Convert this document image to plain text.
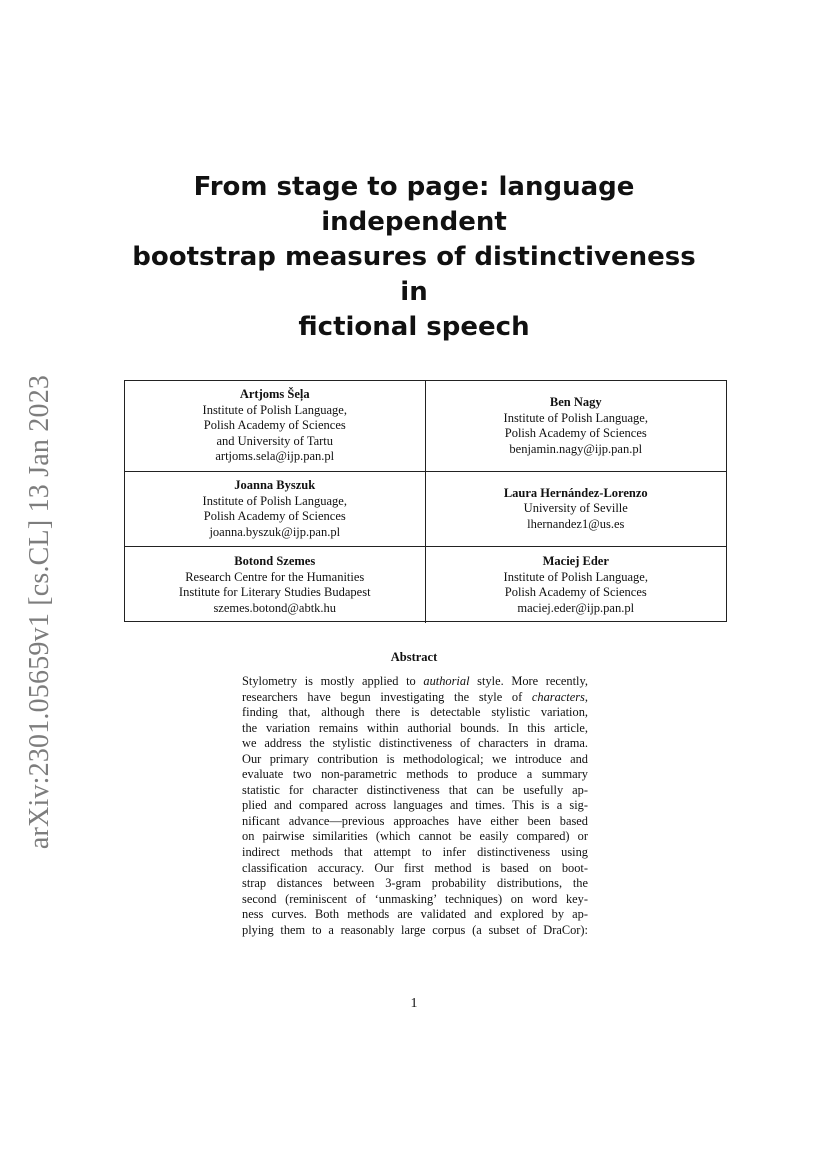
arXiv:2301.05659v1 [cs.CL] 13 Jan 2023
From stage to page: language independent
bootstrap measures of distinctiveness in
fictional speech
Artjoms Šeļa
Institute of Polish Language,
Polish Academy of Sciences
and University of Tartu
artjoms.sela@ijp.pan.pl
Ben Nagy
Institute of Polish Language,
Polish Academy of Sciences
benjamin.nagy@ijp.pan.pl
Joanna Byszuk
Institute of Polish Language,
Polish Academy of Sciences
joanna.byszuk@ijp.pan.pl
Laura Hernández-Lorenzo
University of Seville
lhernandez1@us.es
Botond Szemes
Research Centre for the Humanities
Institute for Literary Studies Budapest
szemes.botond@abtk.hu
Maciej Eder
Institute of Polish Language,
Polish Academy of Sciences
maciej.eder@ijp.pan.pl
Abstract
Stylometry is mostly applied to authorial style. More recently,
researchers have begun investigating the style of characters,
finding that, although there is detectable stylistic variation,
the variation remains within authorial bounds. In this article,
we address the stylistic distinctiveness of characters in drama.
Our primary contribution is methodological; we introduce and
evaluate two non-parametric methods to produce a summary
statistic for character distinctiveness that can be usefully ap-
plied and compared across languages and times. This is a sig-
nificant advance—previous approaches have either been based
on pairwise similarities (which cannot be easily compared) or
indirect methods that attempt to infer distinctiveness using
classification accuracy. Our first method is based on boot-
strap distances between 3-gram probability distributions, the
second (reminiscent of ‘unmasking’ techniques) on word key-
ness curves. Both methods are validated and explored by ap-
plying them to a reasonably large corpus (a subset of DraCor):
1
